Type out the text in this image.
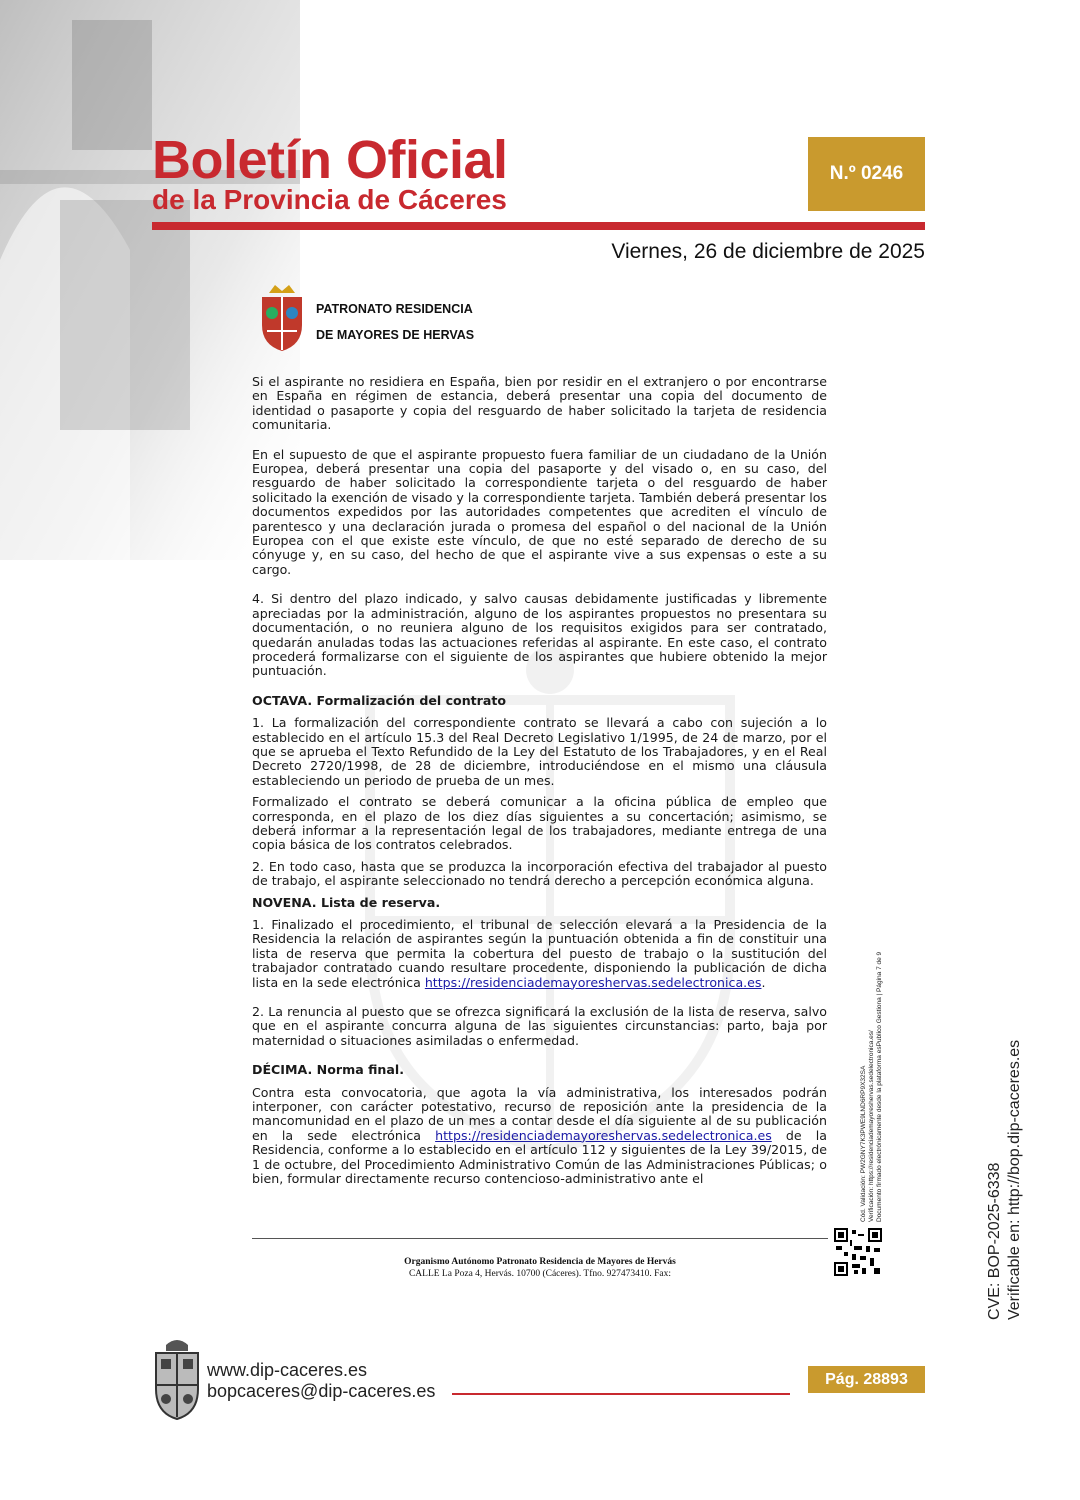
Boletín Oficial
de la Provincia de Cáceres
N.º 0246
Viernes, 26 de diciembre de 2025
PATRONATO RESIDENCIA
DE MAYORES DE HERVAS

Si el aspirante no residiera en España, bien por residir en el extranjero o por encontrarse en España en régimen de estancia, deberá presentar una copia del documento de identidad o pasaporte y copia del resguardo de haber solicitado la tarjeta de residencia comunitaria.

En el supuesto de que el aspirante propuesto fuera familiar de un ciudadano de la Unión Europea, deberá presentar una copia del pasaporte y del visado o, en su caso, del resguardo de haber solicitado la correspondiente tarjeta o del resguardo de haber solicitado la exención de visado y la correspondiente tarjeta. También deberá presentar los documentos expedidos por las autoridades competentes que acrediten el vínculo de parentesco y una declaración jurada o promesa del español o del nacional de la Unión Europea con el que existe este vínculo, de que no esté separado de derecho de su cónyuge y, en su caso, del hecho de que el aspirante vive a sus expensas o este a su cargo.

4. Si dentro del plazo indicado, y salvo causas debidamente justificadas y libremente apreciadas por la administración, alguno de los aspirantes propuestos no presentara su documentación, o no reuniera alguno de los requisitos exigidos para ser contratado, quedarán anuladas todas las actuaciones referidas al aspirante. En este caso, el contrato procederá formalizarse con el siguiente de los aspirantes que hubiere obtenido la mejor puntuación.

OCTAVA. Formalización del contrato

1. La formalización del correspondiente contrato se llevará a cabo con sujeción a lo establecido en el artículo 15.3 del Real Decreto Legislativo 1/1995, de 24 de marzo, por el que se aprueba el Texto Refundido de la Ley del Estatuto de los Trabajadores, y en el Real Decreto 2720/1998, de 28 de diciembre, introduciéndose en el mismo una cláusula estableciendo un periodo de prueba de un mes.

Formalizado el contrato se deberá comunicar a la oficina pública de empleo que corresponda, en el plazo de los diez días siguientes a su concertación; asimismo, se deberá informar a la representación legal de los trabajadores, mediante entrega de una copia básica de los contratos celebrados.

2. En todo caso, hasta que se produzca la incorporación efectiva del trabajador al puesto de trabajo, el aspirante seleccionado no tendrá derecho a percepción económica alguna.

NOVENA. Lista de reserva.

1. Finalizado el procedimiento, el tribunal de selección elevará a la Presidencia de la Residencia la relación de aspirantes según la puntuación obtenida a fin de constituir una lista de reserva que permita la cobertura del puesto de trabajo o la sustitución del trabajador contratado cuando resultare procedente, disponiendo la publicación de dicha lista en la sede electrónica https://residenciademayoreshervas.sedelectronica.es.

2. La renuncia al puesto que se ofrezca significará la exclusión de la lista de reserva, salvo que en el aspirante concurra alguna de las siguientes circunstancias: parto, baja por maternidad o situaciones asimiladas o enfermedad.

DÉCIMA. Norma final.

Contra esta convocatoria, que agota la vía administrativa, los interesados podrán interponer, con carácter potestativo, recurso de reposición ante la presidencia de la mancomunidad en el plazo de un mes a contar desde el día siguiente al de su publicación en la sede electrónica https://residenciademayoreshervas.sedelectronica.es de la Residencia, conforme a lo establecido en el artículo 112 y siguientes de la Ley 39/2015, de 1 de octubre, del Procedimiento Administrativo Común de las Administraciones Públicas; o bien, formular directamente recurso contencioso-administrativo ante el

Organismo Autónomo Patronato Residencia de Mayores de Hervás
CALLE La Poza 4, Hervás. 10700 (Cáceres). Tfno. 927473410. Fax:
Cód. Validación: PW2GNY7K3PWE9LND6RP9X32SA Verificación: https://residenciademayoreshervas.sedelectronica.es/ Documento firmado electrónicamente desde la plataforma esPublico Gestiona | Página 7 de 9
CVE: BOP-2025-6338 Verificable en: http://bop.dip-caceres.es
www.dip-caceres.es
bopcaceres@dip-caceres.es
Pág. 28893
